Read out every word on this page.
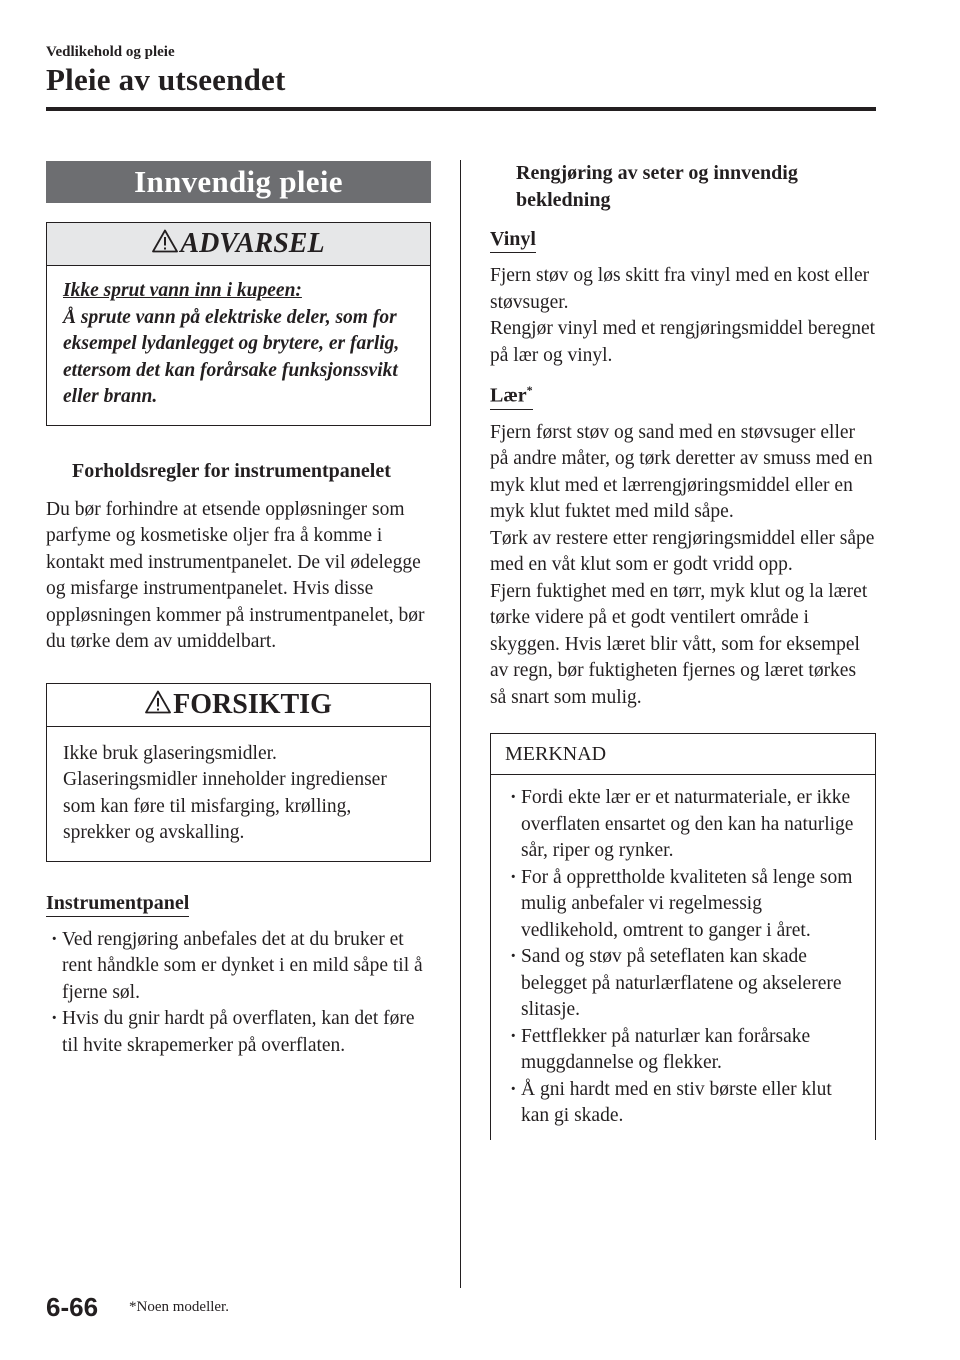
Vedlikehold og pleie
Pleie av utseendet
Innvendig pleie
ADVARSEL
Ikke sprut vann inn i kupeen:
Å sprute vann på elektriske deler, som for eksempel lydanlegget og brytere, er farlig, ettersom det kan forårsake funksjonssvikt eller brann.
Forholdsregler for instrumentpanelet
Du bør forhindre at etsende oppløsninger som parfyme og kosmetiske oljer fra å komme i kontakt med instrumentpanelet. De vil ødelegge og misfarge instrumentpanelet. Hvis disse oppløsningen kommer på instrumentpanelet, bør du tørke dem av umiddelbart.
FORSIKTIG
Ikke bruk glaseringsmidler. Glaseringsmidler inneholder ingredienser som kan føre til misfarging, krølling, sprekker og avskalling.
Instrumentpanel
· Ved rengjøring anbefales det at du bruker et rent håndkle som er dynket i en mild såpe til å fjerne søl.
· Hvis du gnir hardt på overflaten, kan det føre til hvite skrapemerker på overflaten.
Rengjøring av seter og innvendig bekledning
Vinyl
Fjern støv og løs skitt fra vinyl med en kost eller støvsuger.
Rengjør vinyl med et rengjøringsmiddel beregnet på lær og vinyl.
Lær*
Fjern først støv og sand med en støvsuger eller på andre måter, og tørk deretter av smuss med en myk klut med et lærrengjøringsmiddel eller en myk klut fuktet med mild såpe.
Tørk av restere etter rengjøringsmiddel eller såpe med en våt klut som er godt vridd opp.
Fjern fuktighet med en tørr, myk klut og la læret tørke videre på et godt ventilert område i skyggen. Hvis læret blir vått, som for eksempel av regn, bør fuktigheten fjernes og læret tørkes så snart som mulig.
MERKNAD
· Fordi ekte lær er et naturmateriale, er ikke overflaten ensartet og den kan ha naturlige sår, riper og rynker.
· For å opprettholde kvaliteten så lenge som mulig anbefaler vi regelmessig vedlikehold, omtrent to ganger i året.
· Sand og støv på seteflaten kan skade belegget på naturlærflatene og akselerere slitasje.
· Fettflekker på naturlær kan forårsake muggdannelse og flekker.
· Å gni hardt med en stiv børste eller klut kan gi skade.
6-66 *Noen modeller.
